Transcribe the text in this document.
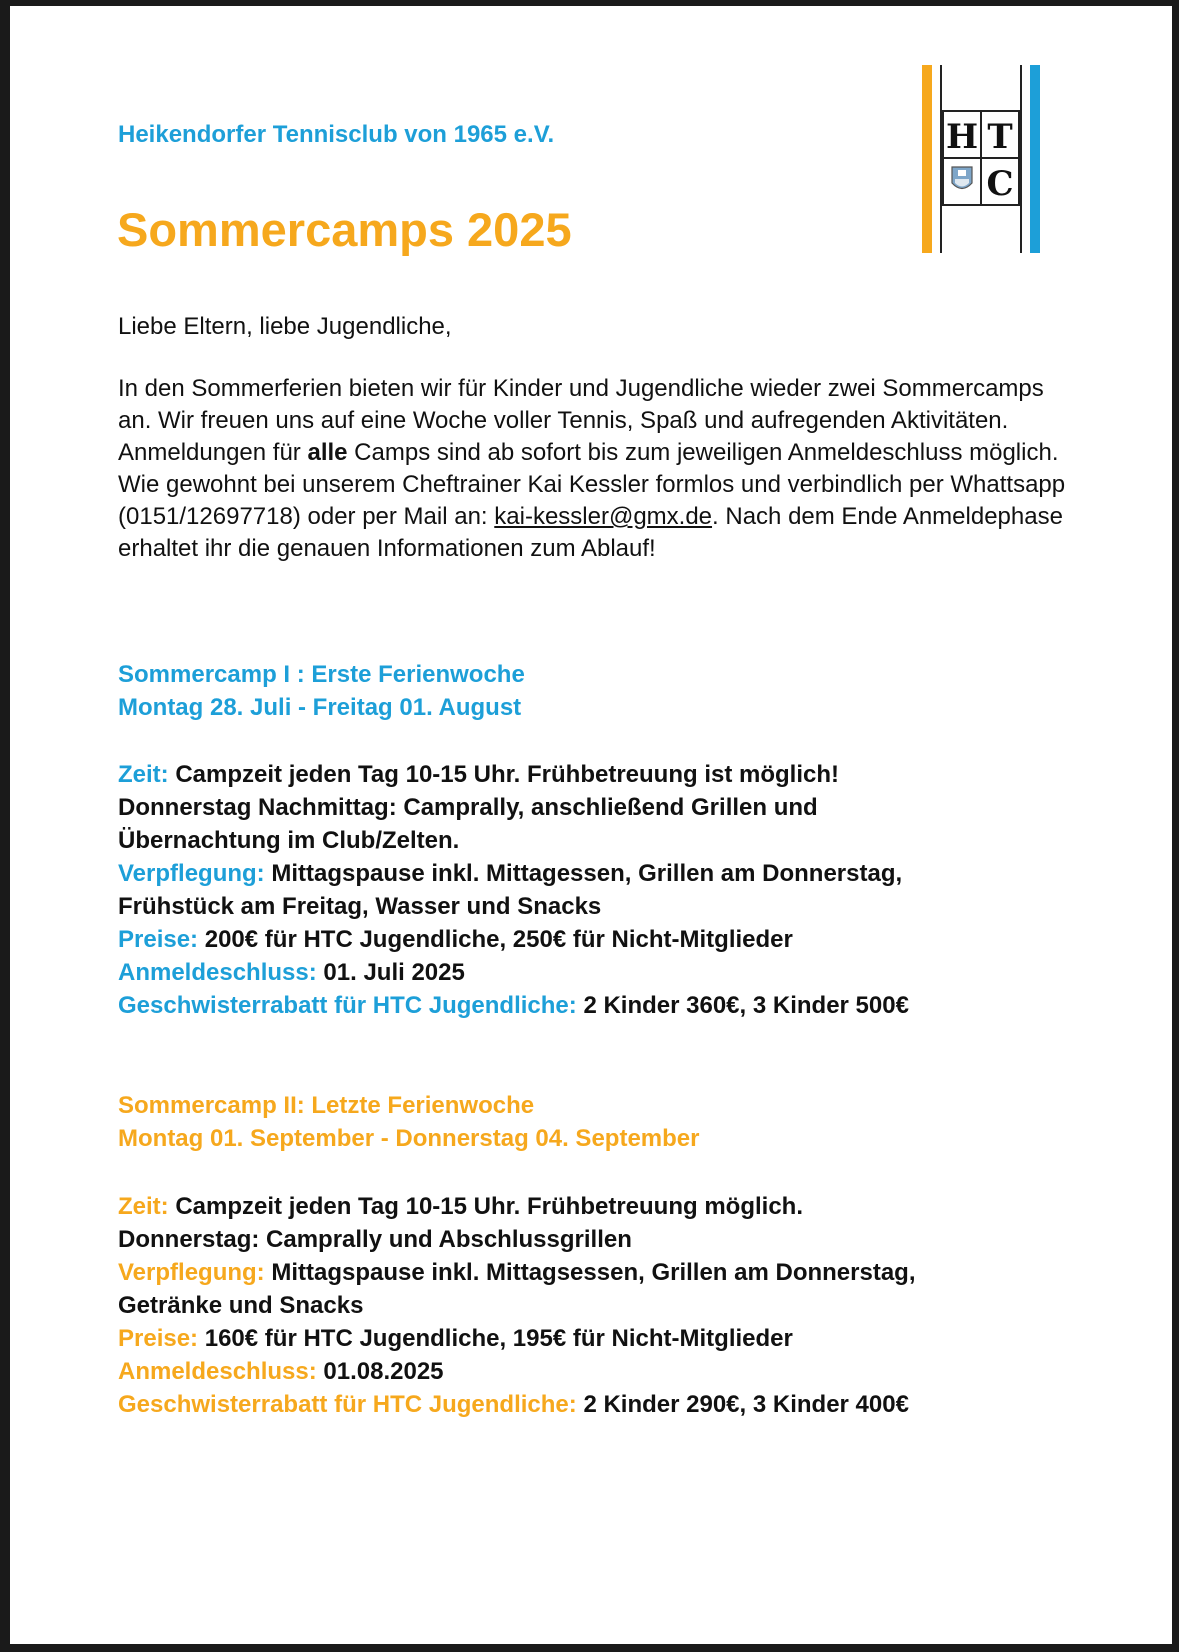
Heikendorfer Tennisclub von 1965 e.V.

Sommercamps 2025
H T
C

Liebe Eltern, liebe Jugendliche,

In den Sommerferien bieten wir für Kinder und Jugendliche wieder zwei Sommercamps an. Wir freuen uns auf eine Woche voller Tennis, Spaß und aufregenden Aktivitäten. Anmeldungen für alle Camps sind ab sofort bis zum jeweiligen Anmeldeschluss möglich. Wie gewohnt bei unserem Cheftrainer Kai Kessler formlos und verbindlich per Whattsapp (0151/12697718) oder per Mail an: kai-kessler@gmx.de. Nach dem Ende Anmeldephase erhaltet ihr die genauen Informationen zum Ablauf!

Sommercamp I : Erste Ferienwoche
Montag 28. Juli - Freitag 01. August
Zeit: Campzeit jeden Tag 10-15 Uhr. Frühbetreuung ist möglich!
Donnerstag Nachmittag: Camprally, anschließend Grillen und
Übernachtung im Club/Zelten.
Verpflegung: Mittagspause inkl. Mittagessen, Grillen am Donnerstag,
Frühstück am Freitag, Wasser und Snacks
Preise: 200€ für HTC Jugendliche, 250€ für Nicht-Mitglieder
Anmeldeschluss: 01. Juli 2025
Geschwisterrabatt für HTC Jugendliche: 2 Kinder 360€, 3 Kinder 500€
Sommercamp II: Letzte Ferienwoche
Montag 01. September - Donnerstag 04. September
Zeit: Campzeit jeden Tag 10-15 Uhr. Frühbetreuung möglich.
Donnerstag: Camprally und Abschlussgrillen
Verpflegung: Mittagspause inkl. Mittagsessen, Grillen am Donnerstag,
Getränke und Snacks
Preise: 160€ für HTC Jugendliche, 195€ für Nicht-Mitglieder
Anmeldeschluss: 01.08.2025
Geschwisterrabatt für HTC Jugendliche: 2 Kinder 290€, 3 Kinder 400€
